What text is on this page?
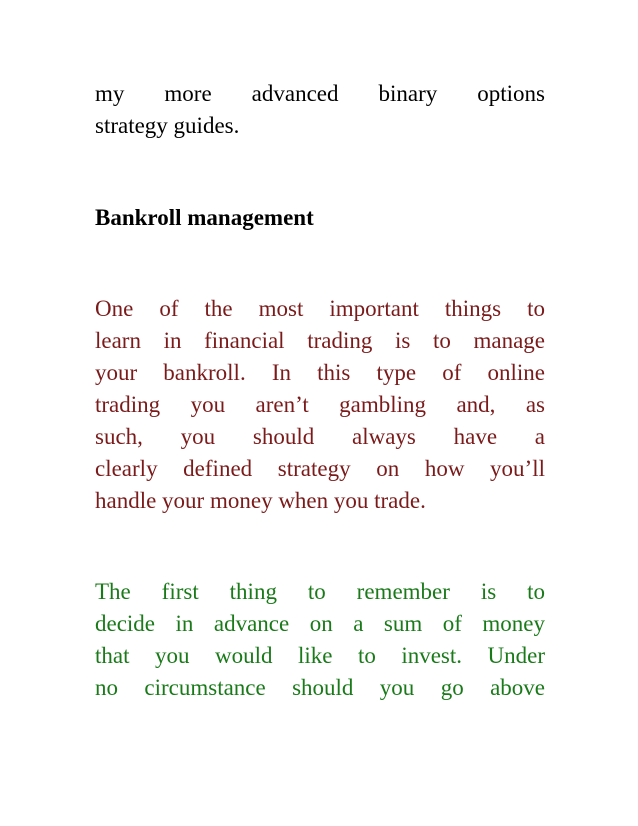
my more advanced binary options
strategy guides.

Bankroll management

One of the most important things to
learn in financial trading is to manage
your bankroll. In this type of online
trading you aren’t gambling and, as
such, you should always have a
clearly defined strategy on how you’ll
handle your money when you trade.

The first thing to remember is to
decide in advance on a sum of money
that you would like to invest. Under
no circumstance should you go above
